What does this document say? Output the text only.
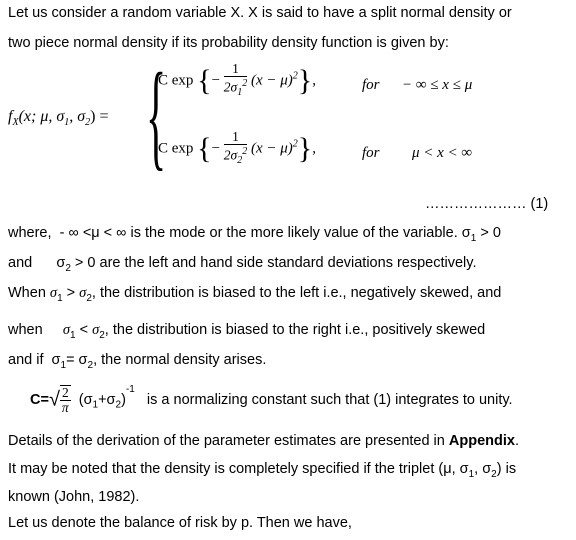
Let us consider a random variable X. X is said to have a split normal density or
two piece normal density if its probability density function is given by:
$f_X(x$; μ, $\sigma_1$, $\sigma_2$) = {
C exp {− $\frac{1}{2\sigma_1^2} (x - \mu)^2$},	for − ∞ ≤ x ≤ μ
C exp {− $\frac{1}{2\sigma_2^2} (x - \mu)^2$},	for μ < x < ∞
………………… (1)
where, - ∞ <μ < ∞ is the mode or the more likely value of the variable. $\sigma_1 > 0$
and $\sigma_2 > 0$ are the left and hand side standard deviations respectively.
When $\sigma_1 > \sigma_2$, the distribution is biased to the left i.e., negatively skewed, and
when $\sigma_1 < \sigma_2$, the distribution is biased to the right i.e., positively skewed
and if $\sigma_1= \sigma_2$, the normal density arises.
$C=√ \frac{2}{\pi} (\sigma_1+\sigma_2)^{-1}$   is a normalizing constant such that (1) integrates to unity.
Details of the derivation of the parameter estimates are presented in Appendix.
It may be noted that the density is completely specified if the triplet (μ, $\sigma_1$, $\sigma_2$) is
known (John, 1982).
Let us denote the balance of risk by p. Then we have,
